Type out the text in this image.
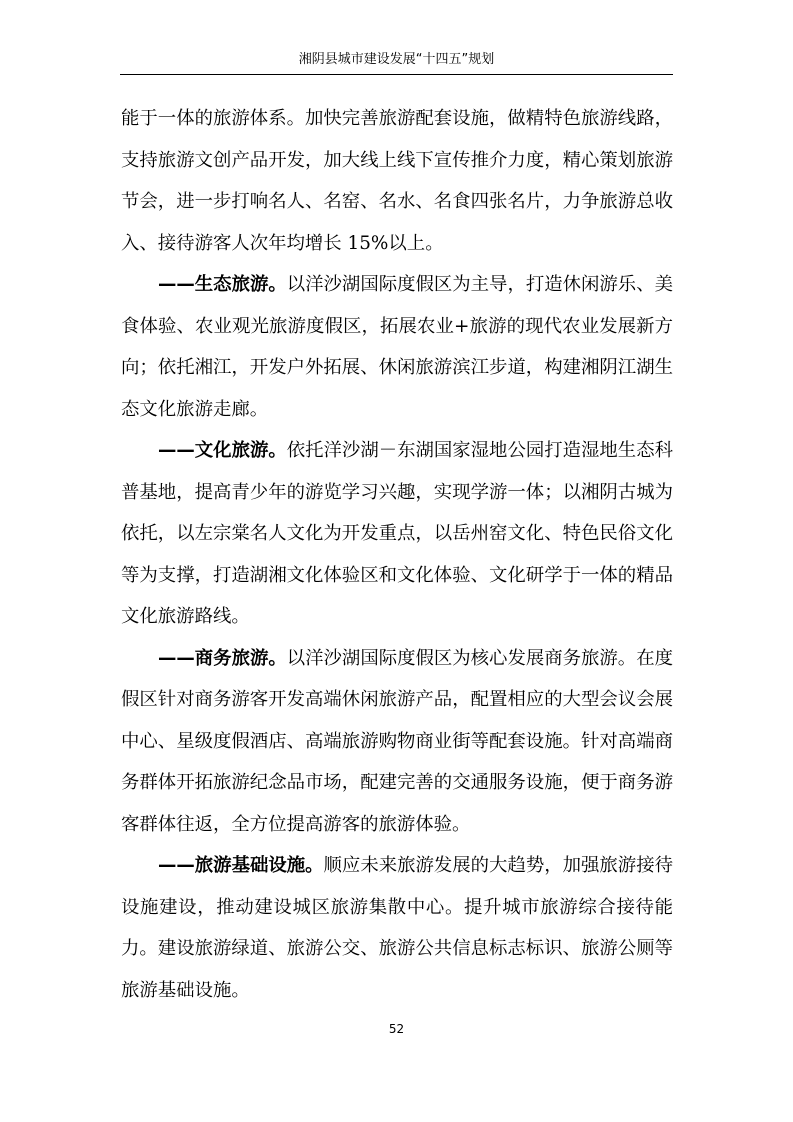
湘阴县城市建设发展“十四五”规划

能于一体的旅游体系。加快完善旅游配套设施，做精特色旅游线路，支持旅游文创产品开发，加大线上线下宣传推介力度，精心策划旅游节会，进一步打响名人、名窑、名水、名食四张名片，力争旅游总收入、接待游客人次年均增长 15%以上。

——生态旅游。以洋沙湖国际度假区为主导，打造休闲游乐、美食体验、农业观光旅游度假区，拓展农业+旅游的现代农业发展新方向；依托湘江，开发户外拓展、休闲旅游滨江步道，构建湘阴江湖生态文化旅游走廊。

——文化旅游。依托洋沙湖－东湖国家湿地公园打造湿地生态科普基地，提高青少年的游览学习兴趣，实现学游一体；以湘阴古城为依托，以左宗棠名人文化为开发重点，以岳州窑文化、特色民俗文化等为支撑，打造湖湘文化体验区和文化体验、文化研学于一体的精品文化旅游路线。

——商务旅游。以洋沙湖国际度假区为核心发展商务旅游。在度假区针对商务游客开发高端休闲旅游产品，配置相应的大型会议会展中心、星级度假酒店、高端旅游购物商业街等配套设施。针对高端商务群体开拓旅游纪念品市场，配建完善的交通服务设施，便于商务游客群体往返，全方位提高游客的旅游体验。

——旅游基础设施。顺应未来旅游发展的大趋势，加强旅游接待设施建设，推动建设城区旅游集散中心。提升城市旅游综合接待能力。建设旅游绿道、旅游公交、旅游公共信息标志标识、旅游公厕等旅游基础设施。

52
